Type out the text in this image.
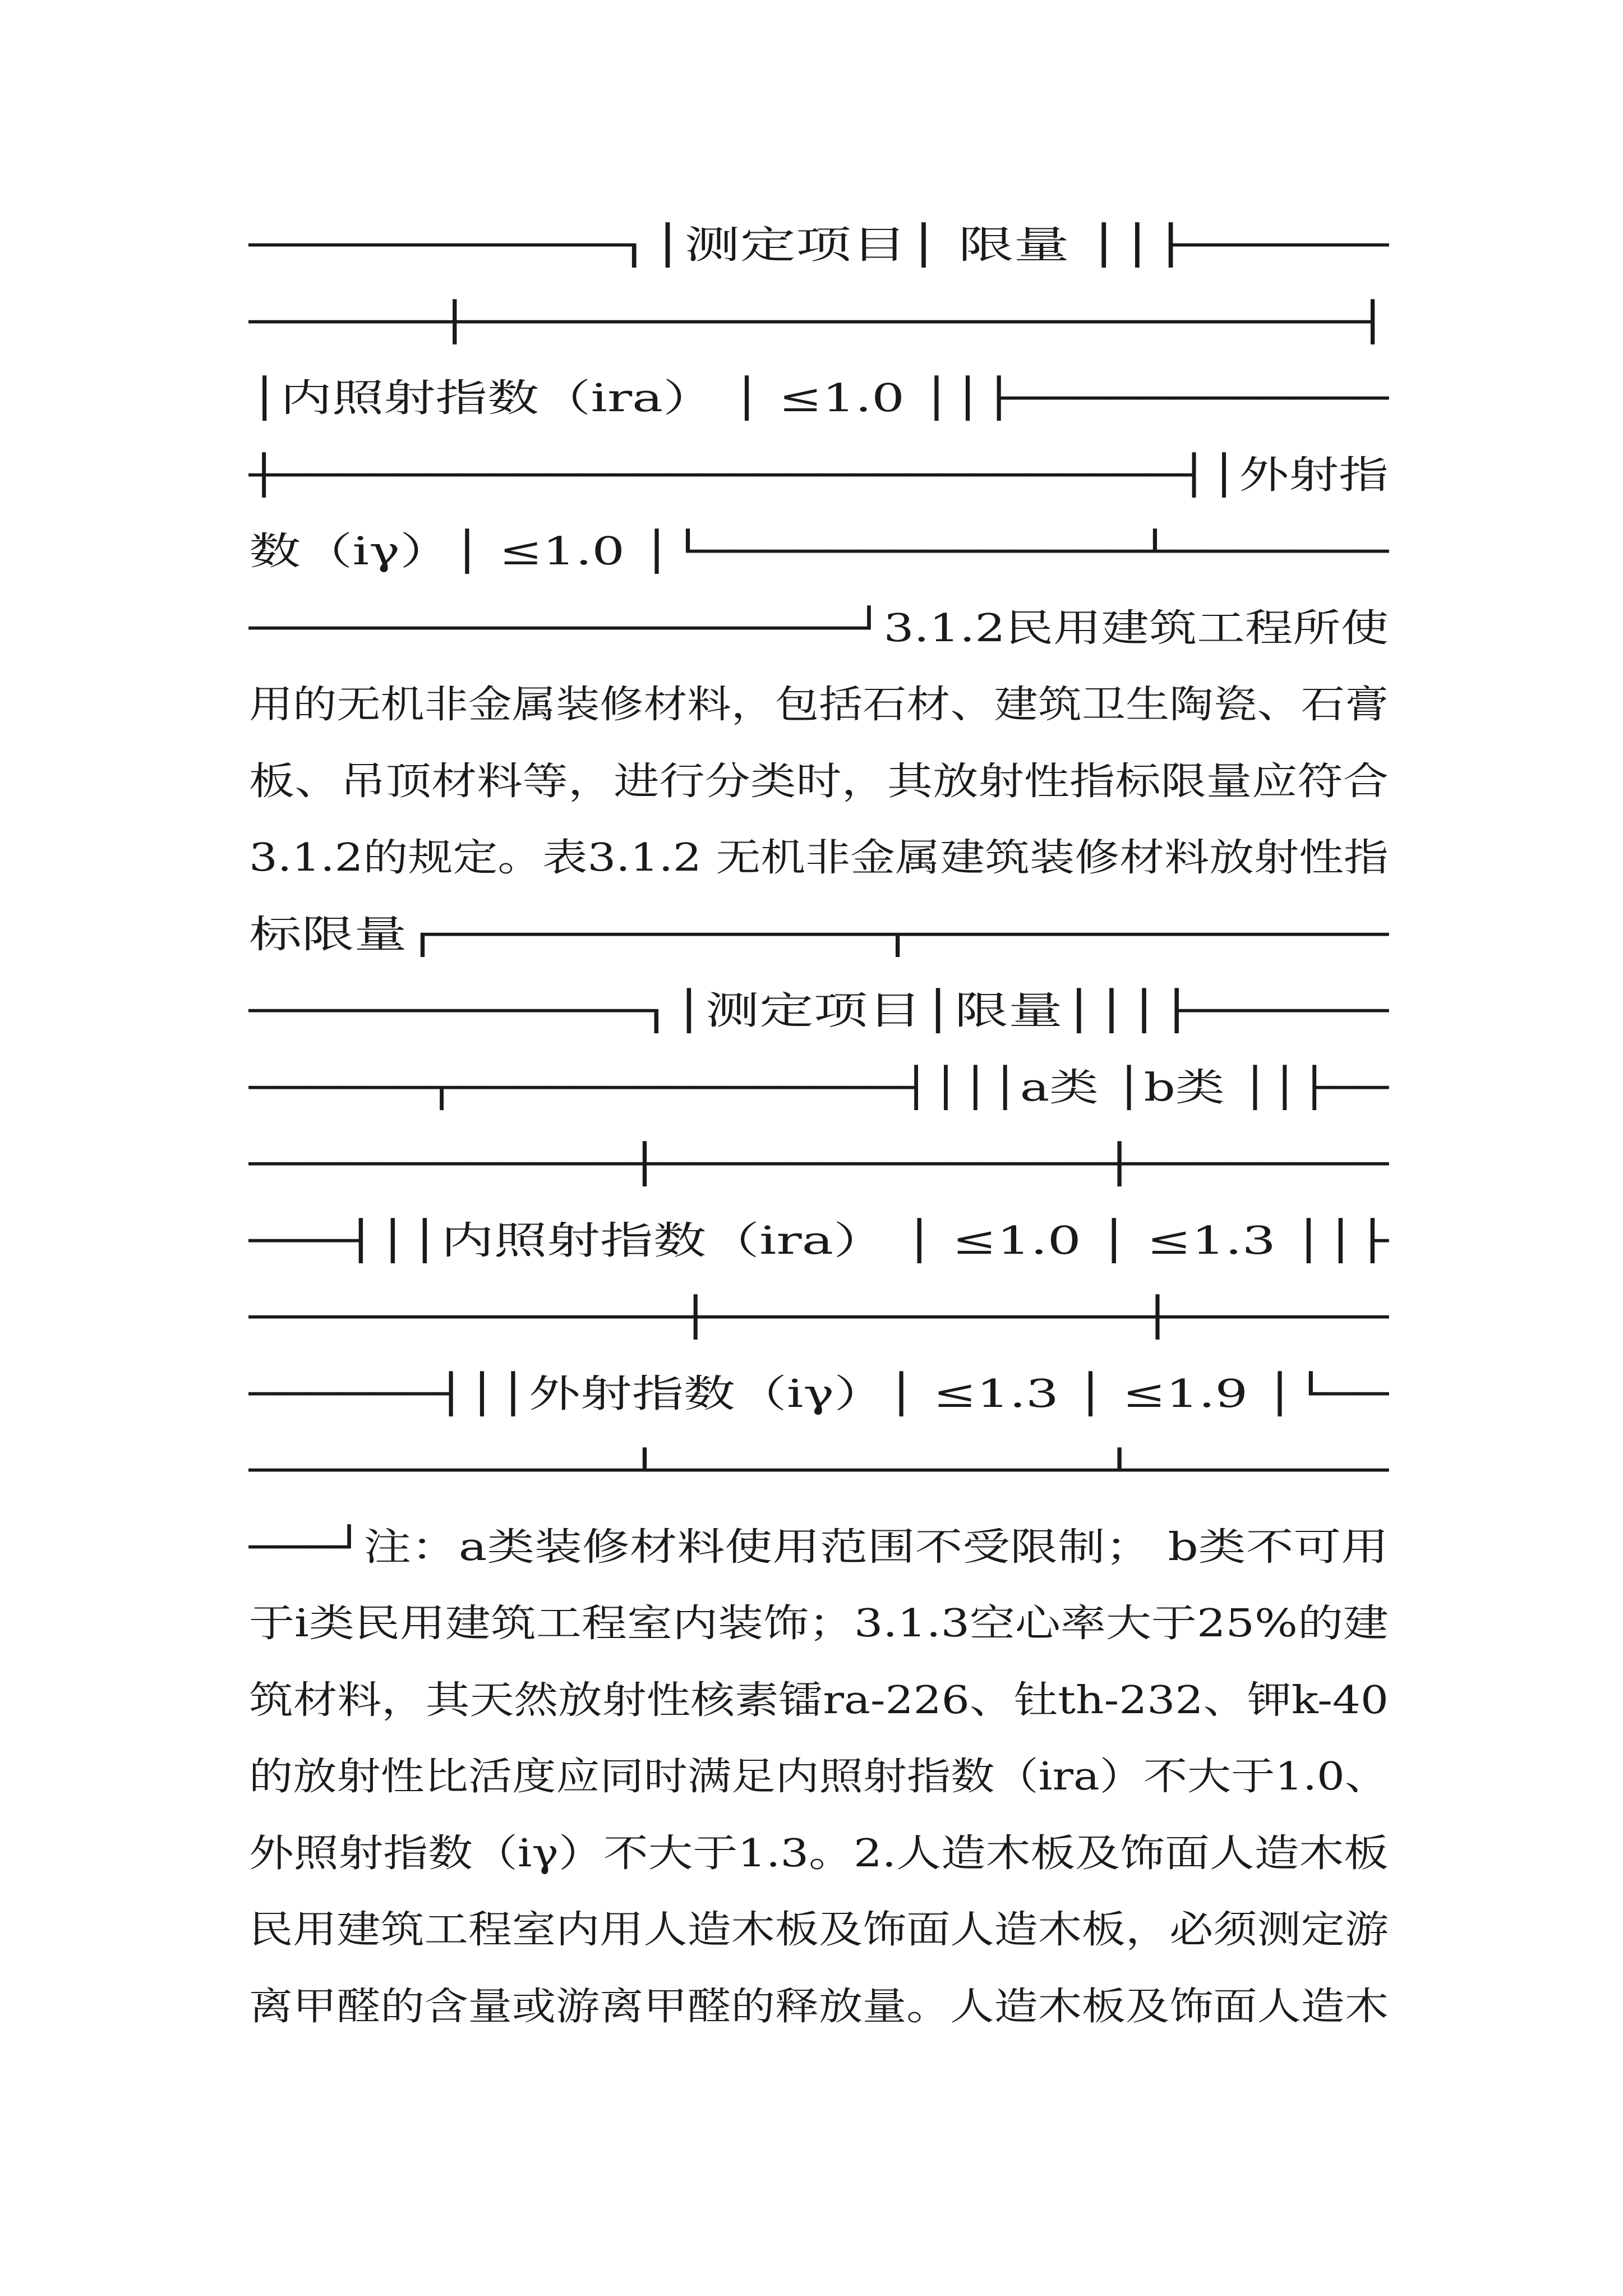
───────────┐│测定项目│ 限量 ││├──────
──────┼────────────────────────────┤
│内照射指数（ira） │ ≤1.0 ││├────────────
┼──────────────────────────────┤│外射指
数（iγ）│ ≤1.0 │└──────────────┴───────
─────────────────────┘3.1.2民用建筑工程所使
用的无机非金属装修材料，包括石材、建筑卫生陶瓷、石膏
板、吊顶材料等，进行分类时，其放射性指标限量应符合
3.1.2的规定。表3.1.2 无机非金属建筑装修材料放射性指
标限量┌──────────────┬───────────────
────────────┐│测定项目│限量│││├──────
──────┬───────────────┤│││a类 │b类 ││├──
────────────┼──────────────┼────────
───┤││内照射指数（ira） │ ≤1.0 │ ≤1.3 ││├
──────────────┼──────────────┼───────
──────┤││外射指数（iγ）│ ≤1.3 │ ≤1.9 │└──
────────────┴──────────────┴────────
───┘注：a类装修材料使用范围不受限制； b类不可用
于i类民用建筑工程室内装饰；3.1.3空心率大于25%的建
筑材料，其天然放射性核素镭ra-226、钍th-232、钾k-40
的放射性比活度应同时满足内照射指数（ira）不大于1.0、
外照射指数（iγ）不大于1.3。2.人造木板及饰面人造木板
民用建筑工程室内用人造木板及饰面人造木板，必须测定游
离甲醛的含量或游离甲醛的释放量。人造木板及饰面人造木
